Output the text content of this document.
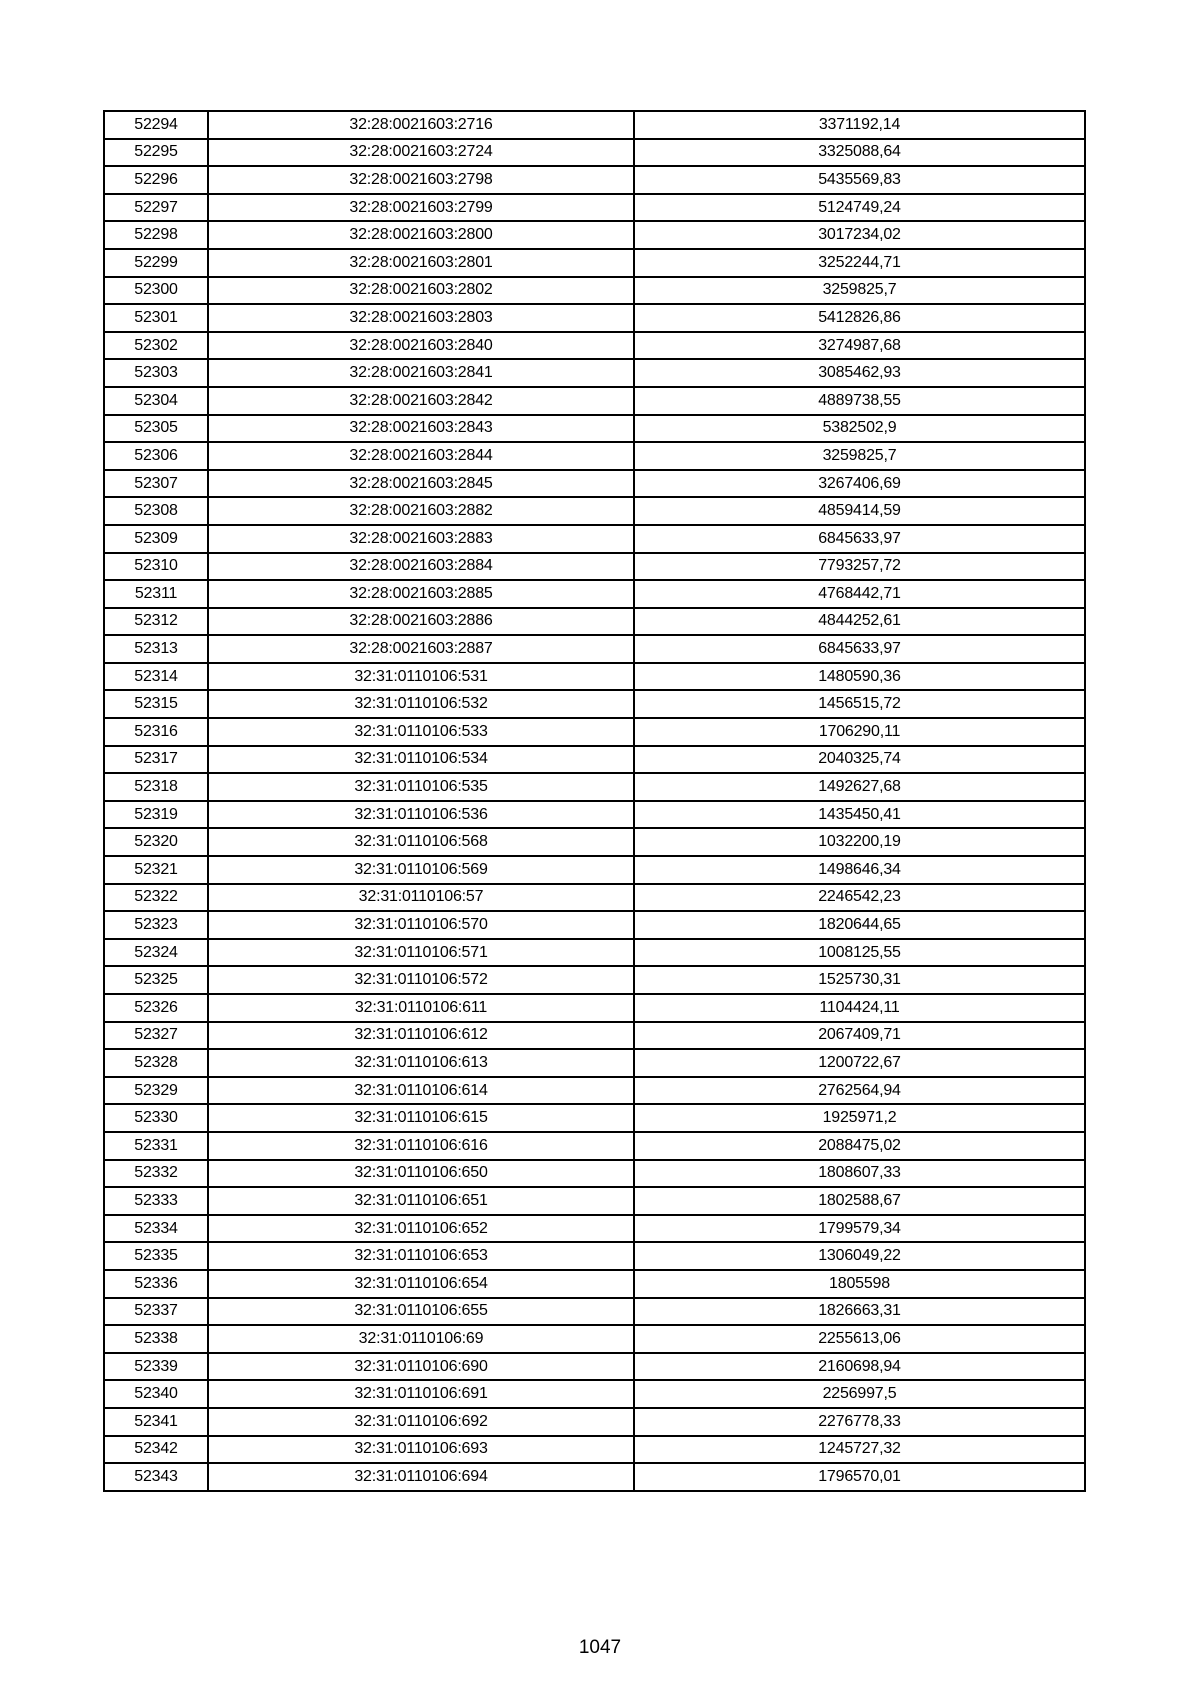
52294	32:28:0021603:2716	3371192,14
52295	32:28:0021603:2724	3325088,64
52296	32:28:0021603:2798	5435569,83
52297	32:28:0021603:2799	5124749,24
52298	32:28:0021603:2800	3017234,02
52299	32:28:0021603:2801	3252244,71
52300	32:28:0021603:2802	3259825,7
52301	32:28:0021603:2803	5412826,86
52302	32:28:0021603:2840	3274987,68
52303	32:28:0021603:2841	3085462,93
52304	32:28:0021603:2842	4889738,55
52305	32:28:0021603:2843	5382502,9
52306	32:28:0021603:2844	3259825,7
52307	32:28:0021603:2845	3267406,69
52308	32:28:0021603:2882	4859414,59
52309	32:28:0021603:2883	6845633,97
52310	32:28:0021603:2884	7793257,72
52311	32:28:0021603:2885	4768442,71
52312	32:28:0021603:2886	4844252,61
52313	32:28:0021603:2887	6845633,97
52314	32:31:0110106:531	1480590,36
52315	32:31:0110106:532	1456515,72
52316	32:31:0110106:533	1706290,11
52317	32:31:0110106:534	2040325,74
52318	32:31:0110106:535	1492627,68
52319	32:31:0110106:536	1435450,41
52320	32:31:0110106:568	1032200,19
52321	32:31:0110106:569	1498646,34
52322	32:31:0110106:57	2246542,23
52323	32:31:0110106:570	1820644,65
52324	32:31:0110106:571	1008125,55
52325	32:31:0110106:572	1525730,31
52326	32:31:0110106:611	1104424,11
52327	32:31:0110106:612	2067409,71
52328	32:31:0110106:613	1200722,67
52329	32:31:0110106:614	2762564,94
52330	32:31:0110106:615	1925971,2
52331	32:31:0110106:616	2088475,02
52332	32:31:0110106:650	1808607,33
52333	32:31:0110106:651	1802588,67
52334	32:31:0110106:652	1799579,34
52335	32:31:0110106:653	1306049,22
52336	32:31:0110106:654	1805598
52337	32:31:0110106:655	1826663,31
52338	32:31:0110106:69	2255613,06
52339	32:31:0110106:690	2160698,94
52340	32:31:0110106:691	2256997,5
52341	32:31:0110106:692	2276778,33
52342	32:31:0110106:693	1245727,32
52343	32:31:0110106:694	1796570,01
1047
